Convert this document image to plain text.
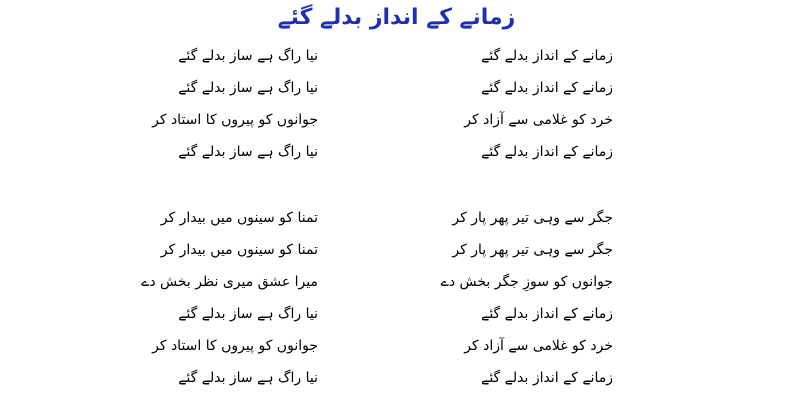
زمانے کے انداز بدلے گئے
زمانے کے انداز بدلے گئے
نیا راگ ہے ساز بدلے گئے
زمانے کے انداز بدلے گئے
نیا راگ ہے ساز بدلے گئے
خرد کو غلامی سے آزاد کر
جوانوں کو پیروں کا استاد کر
زمانے کے انداز بدلے گئے
نیا راگ ہے ساز بدلے گئے
جگر سے وہی تیر پھر پار کر
تمنا کو سینوں میں بیدار کر
جگر سے وہی تیر پھر پار کر
تمنا کو سینوں میں بیدار کر
جوانوں کو سوزِ جگر بخش دے
میرا عشق میری نظر بخش دے
زمانے کے انداز بدلے گئے
نیا راگ ہے ساز بدلے گئے
خرد کو غلامی سے آزاد کر
جوانوں کو پیروں کا استاد کر
زمانے کے انداز بدلے گئے
نیا راگ ہے ساز بدلے گئے
